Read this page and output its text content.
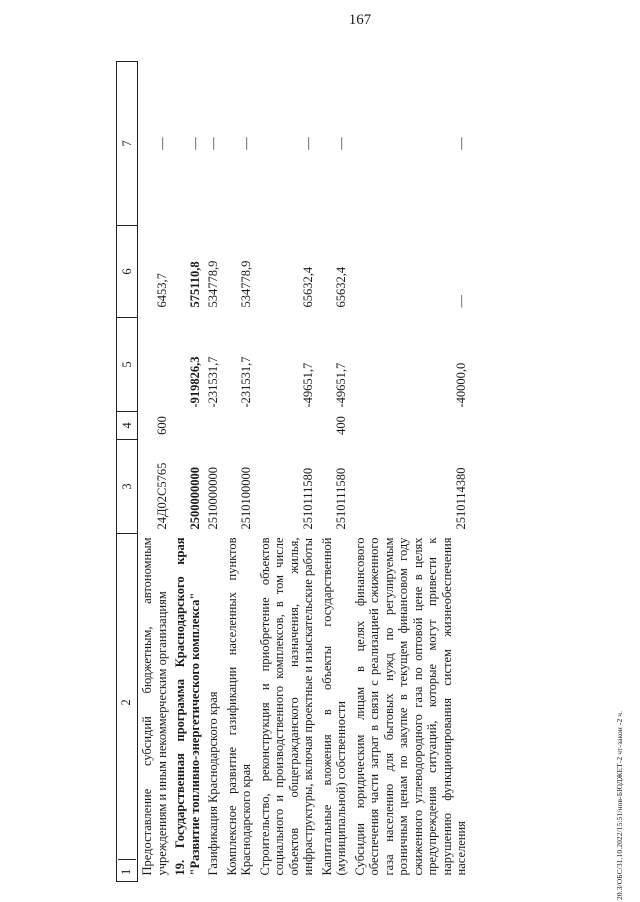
167
20.3/ОБС/31.10.2022/15:51/нов-БЮДЖЕТ-2 чт-закон -2 ч.
1  2	3	4	5	6	7
Предоставление субсидий бюджетным, автономным учреждениям и иным некоммерческим организациям	24Д02С5765	600		6453,7	—
19. Государственная программа Краснодарского края "Развитие топливно-энергетического комплекса"	2500000000		-919826,3	575110,8	—
Газификация Краснодарского края	2510000000		-231531,7	534778,9	—
Комплексное развитие газификации населенных пунктов Краснодарского края	2510100000		-231531,7	534778,9	—
Строительство, реконструкция и приобретение объектов социального и производственного комплексов, в том числе объектов общегражданского назначения, жилья, инфраструктуры, включая проектные и изыскательские работы	2510111580		-49651,7	65632,4	—
Капитальные вложения в объекты государственной (муниципальной) собственности	2510111580	400	-49651,7	65632,4	—
Субсидии юридическим лицам в целях финансового обеспечения части затрат в связи с реализацией сжиженного газа населению для бытовых нужд по регулируемым розничным ценам по закупке в текущем финансовом году сжиженного углеводородного газа по оптовой цене в целях предупреждения ситуаций, которые могут привести к нарушению функционирования систем жизнеобеспечения населения	2510114380		-40000,0	—	—
